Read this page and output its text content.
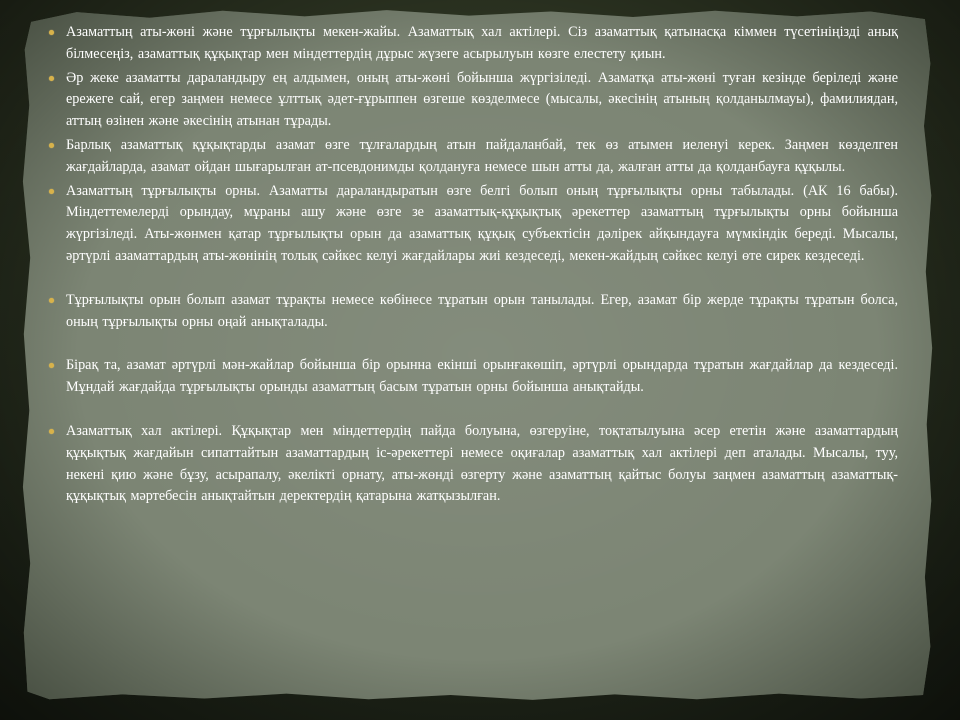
Азаматтың аты-жөні және тұрғылықты мекен-жайы. Азаматтық хал актілері. Сіз азаматтық қатынасқа кіммен түсетініңізді анық білмесеңіз, азаматтық құқықтар мен міндеттердің дұрыс жүзеге асырылуын көзге елестету қиын.

Әр жеке азаматты дараландыру ең алдымен, оның аты-жөні бойынша жүргізіледі. Азаматқа аты-жөні туған кезінде беріледі және ережеге сай, егер заңмен немесе ұлттық әдет-ғұрыппен өзгеше көзделмесе (мысалы, әкесінің атының қолданылмауы), фамилиядан, аттың өзінен және әкесінің атынан тұрады.

Барлық азаматтық құқықтарды азамат өзге тұлғалардың атын пайдаланбай, тек өз атымен иеленуі керек. Заңмен көзделген жағдайларда, азамат ойдан шығарылған ат-псевдонимды қолдануға немесе шын атты да, жалған атты да қолданбауға құқылы.

Азаматтың тұрғылықты орны. Азаматты дараландыратын өзге белгі болып оның тұрғылықты орны табылады. (АК 16 бабы). Міндеттемелерді орындау, мұраны ашу және өзге зе азаматтық-құқықтық әрекеттер азаматтың тұрғылықты орны бойынша жүргізіледі. Аты-жөнмен қатар тұрғылықты орын да азаматтық құқық субъектісін дәлірек айқындауға мүмкіндік береді. Мысалы, әртүрлі азаматтардың аты-жөнінің толық сәйкес келуі жағдайлары жиі кездеседі, мекен-жайдың сәйкес келуі өте сирек кездеседі.

Тұрғылықты орын болып азамат тұрақты немесе көбінесе тұратын орын танылады. Егер, азамат бір жерде тұрақты тұратын болса, оның тұрғылықты орны оңай анықталады.

Бірақ та, азамат әртүрлі мән-жайлар бойынша бір орынна екінші орынғакөшіп, әртүрлі орындарда тұратын жағдайлар да кездеседі. Мұндай жағдайда тұрғылықты орынды азаматтың басым тұратын орны бойынша анықтайды.

Азаматтық хал актілері. Құқықтар мен міндеттердің пайда болуына, өзгеруіне, тоқтатылуына әсер ететін және азаматтардың құқықтық жағдайын сипаттайтын азаматтардың іс-әрекеттері немесе оқиғалар азаматтық хал актілері деп аталады. Мысалы, туу, некені қию және бұзу, асырапалу, әкелікті орнату, аты-жөнді өзгерту және азаматтың қайтыс болуы заңмен азаматтың азаматтық-құқықтық мәртебесін анықтайтын деректердің қатарына жатқызылған.
